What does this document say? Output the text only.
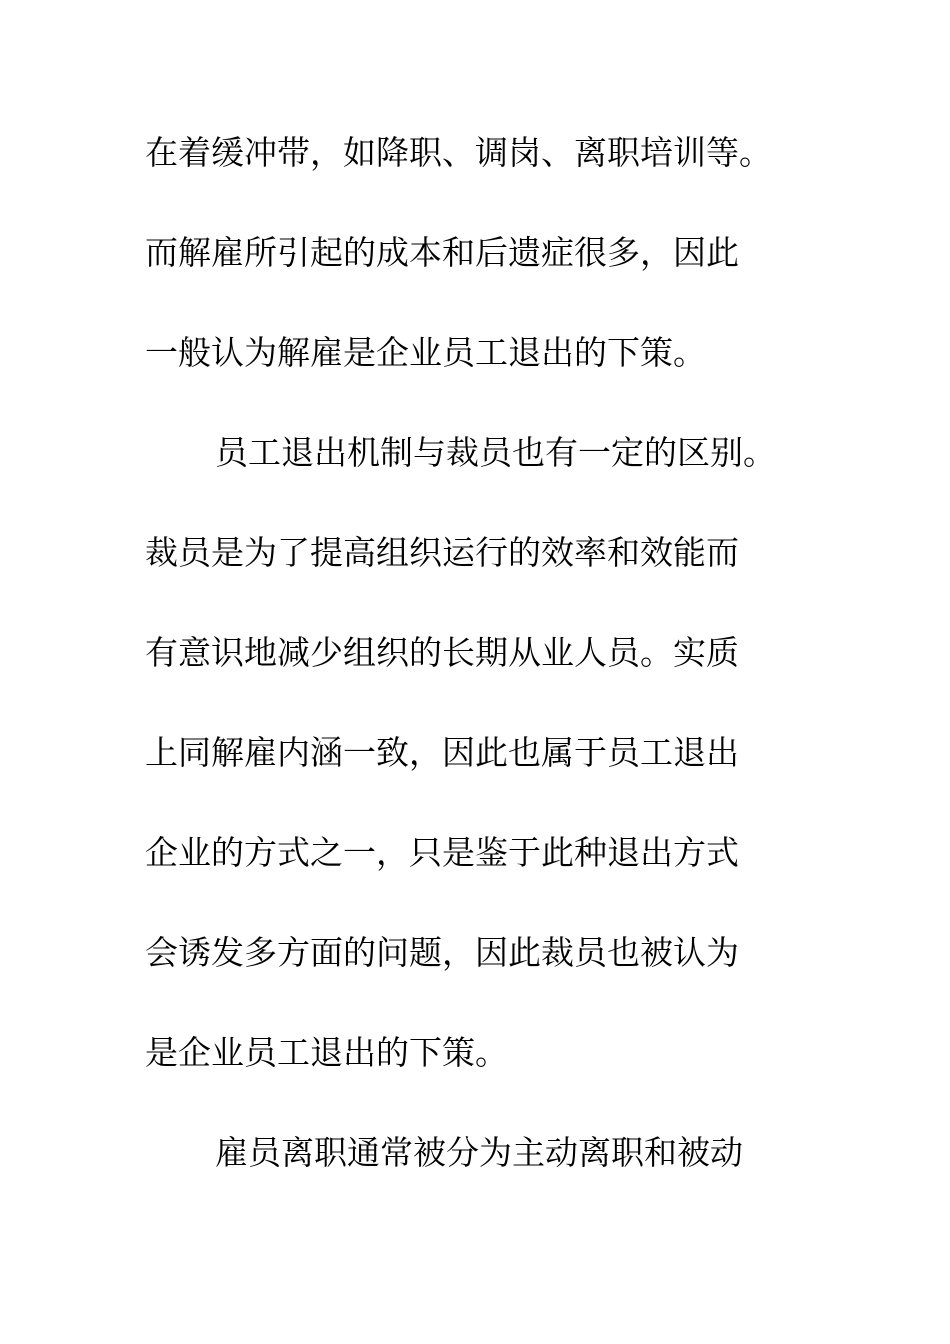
在着缓冲带，如降职、调岗、离职培训等。
而解雇所引起的成本和后遗症很多，因此
一般认为解雇是企业员工退出的下策。
员工退出机制与裁员也有一定的区别。
裁员是为了提高组织运行的效率和效能而
有意识地减少组织的长期从业人员。实质
上同解雇内涵一致，因此也属于员工退出
企业的方式之一，只是鉴于此种退出方式
会诱发多方面的问题，因此裁员也被认为
是企业员工退出的下策。
雇员离职通常被分为主动离职和被动
